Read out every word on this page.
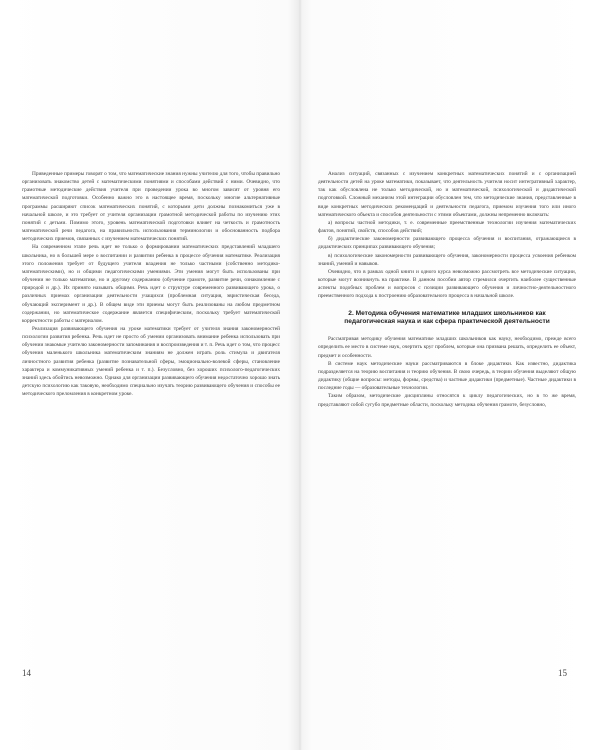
Приведенные примеры говорят о том, что математические знания нужны учителю для того, чтобы правильно организовать знакомство детей с математическими понятиями и способами действий с ними. Очевидно, что грамотные методические действия учителя при проведении урока во многом зависят от уровня его математической подготовки. Особенно важно это в настоящее время, поскольку многие альтернативные программы расширяют список математических понятий, с которыми дети должны познакомиться уже в начальной школе, и это требует от учителя организации грамотной методической работы по изучению этих понятий с детьми. Помимо этого, уровень математической подготовки влияет на четкость и грамотность математической речи педагога, на правильность использования терминологии и обоснованность подбора методических приемов, связанных с изучением математических понятий.

На современном этапе речь идет не только о формировании математических представлений младшего школьника, но в большей мере о воспитании и развитии ребенка в процессе обучения математике. Реализация этого положения требует от будущего учителя владения не только частными (собственно методико-математическими), но и общими педагогическими умениями. Эти умения могут быть использованы при обучении не только математике, но и другому содержанию (обучение грамоте, развитие речи, ознакомление с природой и др.). Их принято называть общими. Речь идет о структуре современного развивающего урока, о различных приемах организации деятельности учащихся (проблемная ситуация, эвристическая беседа, обучающий эксперимент и др.). В общем виде эти приемы могут быть реализованы на любом предметном содержании, но математическое содержание является специфическим, поскольку требует математической корректности работы с материалом.

Реализация развивающего обучения на уроке математики требует от учителя знания закономерностей психологии развития ребенка. Речь идет не просто об умении организовать внимание ребенка использовать при обучении знакомые учителю закономерности запоминания и воспроизведения и т. п. Речь идет о том, что процесс обучения маленького школьника математическим знаниям не должен играть роль стимула и двигателя личностного развития ребенка (развитие познавательной сферы, эмоционально-волевой сферы, становление характера и коммуникативных умений ребенка и т. п.). Безусловно, без хороших психолого-педагогических знаний здесь обойтись невозможно. Однако для организации развивающего обучения недостаточно хорошо знать детскую психологию как таковую, необходимо специально изучать теорию развивающего обучения и способы ее методического преломления в конкретном уроке.

14

Анализ ситуаций, связанных с изучением конкретных математических понятий и с организацией деятельности детей на уроке математики, показывает, что деятельность учителя носит интегративный характер, так как обусловлена не только методической, но и математической, психологической и дидактической подготовкой. Сложный механизм этой интеграции обусловлен тем, что методические знания, представленные в виде конкретных методических рекомендаций и деятельности педагога, приемом изучения того или иного математического объекта и способов деятельности с этими объектами, должны непременно включать:

а) вопросы частной методики, т. е. современные преемственные технологии изучения математических фактов, понятий, свойств, способов действий;

б) дидактические закономерности развивающего процесса обучения и воспитания, отражающиеся в дидактических принципах развивающего обучения;

в) психологические закономерности развивающего обучения, закономерности процесса усвоения ребенком знаний, умений и навыков.

Очевидно, что в рамках одной книги и одного курса невозможно рассмотреть все методические ситуации, которые могут возникнуть на практике. В данном пособии автор стремился очертить наиболее существенные аспекты подобных проблем и вопросов с позиции развивающего обучения и личностно-деятельностного преемственного подхода к построению образовательного процесса в начальной школе.

2. Методика обучения математике младших школьников как педагогическая наука и как сфера практической деятельности

Рассматривая методику обучения математике младших школьников как науку, необходимо, прежде всего определить ее место в системе наук, очертить круг проблем, которые она призвана решать, определить ее объект, предмет и особенности.

В системе наук методические науки рассматриваются в блоке дидактики. Как известно, дидактика подразделяется на теорию воспитания и теорию обучения. В свою очередь, в теории обучения выделяют общую дидактику (общие вопросы: методы, формы, средства) и частные дидактики (предметные). Частные дидактики в последние годы — образовательные технологии.

Таким образом, методические дисциплины относятся к циклу педагогических, но в то же время, представляют собой сугубо предметные области, поскольку методика обучения грамоте, безусловно,

15
